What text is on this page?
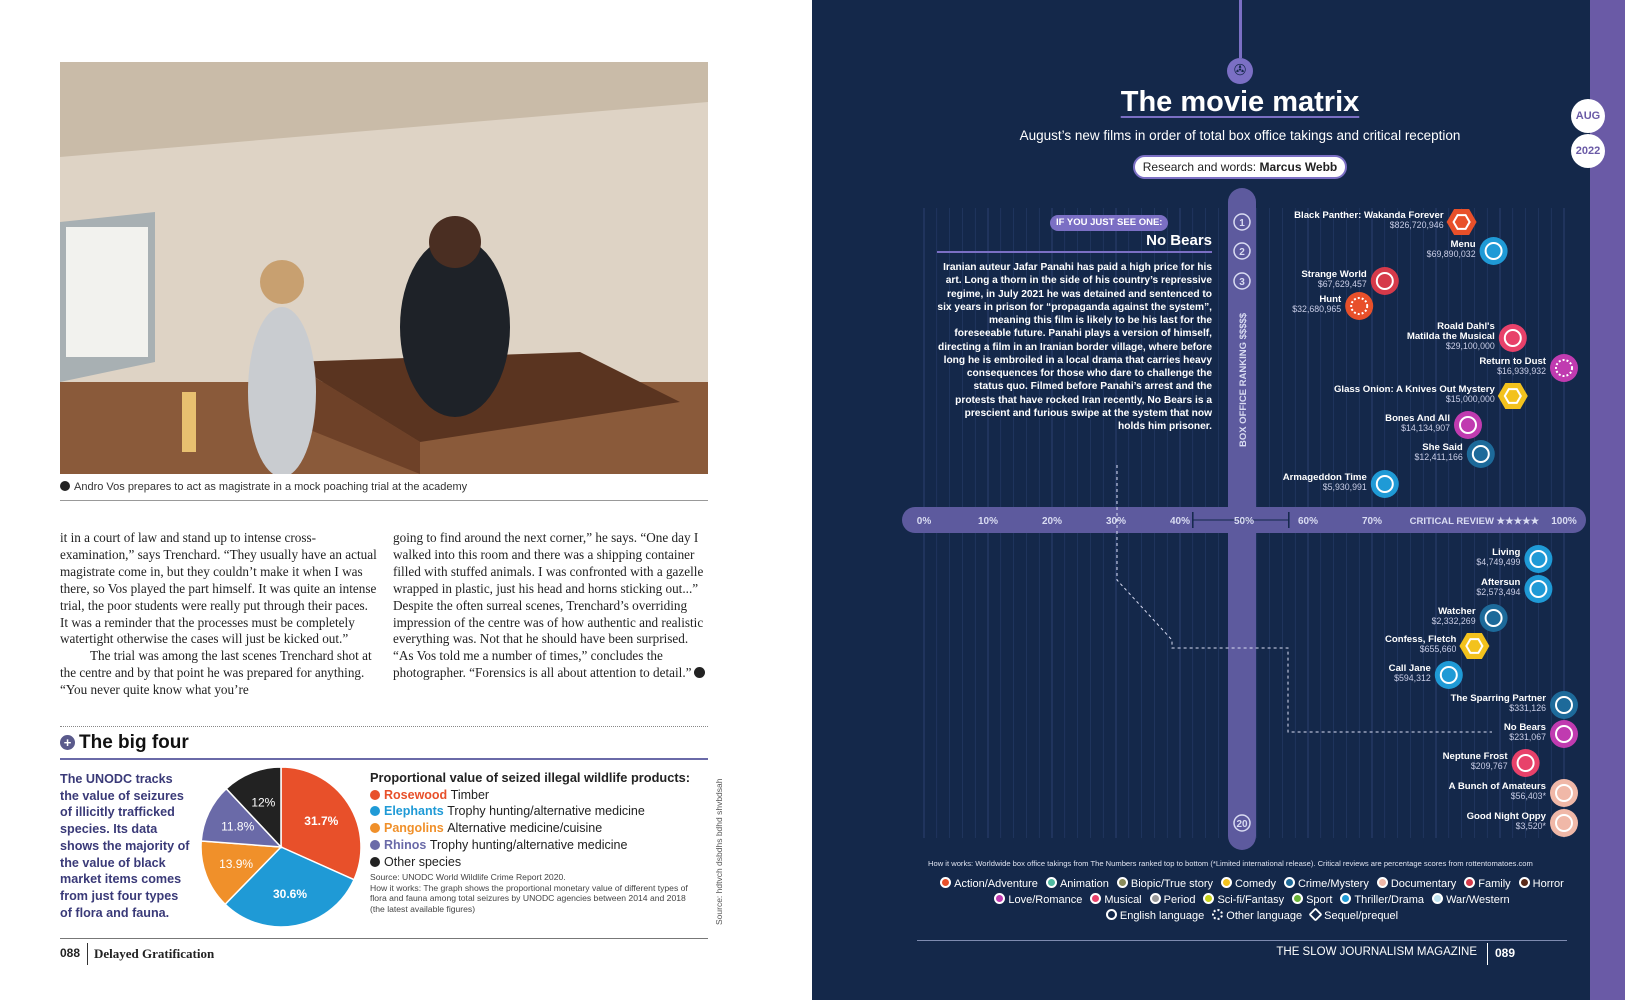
Andro Vos prepares to act as magistrate in a mock poaching trial at the academy

it in a court of law and stand up to intense cross-examination,” says Trenchard. “They usually have an actual magistrate come in, but they couldn’t make it when I was there, so Vos played the part himself. It was quite an intense trial, the poor students were really put through their paces. It was a reminder that the processes must be completely watertight otherwise the cases will just be kicked out.”

The trial was among the last scenes Trenchard shot at the centre and by that point he was prepared for anything. “You never quite know what you’re

going to find around the next corner,” he says. “One day I walked into this room and there was a shipping container filled with stuffed animals. I was confronted with a gazelle wrapped in plastic, just his head and horns sticking out...” Despite the often surreal scenes, Trenchard’s overriding impression of the centre was of how authentic and realistic everything was. Not that he should have been surprised. “As Vos told me a number of times,” concludes the photographer. “Forensics is all about attention to detail.”

+ The big four
The UNODC tracks the value of seizures of illicitly trafficked species. Its data shows the majority of the value of black market items comes from just four types of flora and fauna.
31.7%
30.6%
13.9%
11.8%
12%
Proportional value of seized illegal wildlife products:
Rosewood Timber
Elephants Trophy hunting/alternative medicine
Pangolins Alternative medicine/cuisine
Rhinos Trophy hunting/alternative medicine
Other species
Source: UNODC World Wildlife Crime Report 2020.
How it works: The graph shows the proportional monetary value of different types of flora and fauna among total seizures by UNODC agencies between 2014 and 2018 (the latest available figures)	Source: hdtvch dsbdhs bdhd shvbdsah
088 Delayed Gratification
✇
The movie matrix
August’s new films in order of total box office takings and critical reception
Research and words: Marcus Webb
AUG
2022
0%	10%	20%	30%	40%	50%	60%	70%	100%
CRITICAL REVIEW ★★★★★
BOX OFFICE RANKING $$$$$
1
2
3
20
Black Panther: Wakanda Forever
$826,720,946
Menu
$69,890,032
Strange World
$67,629,457
Hunt
$32,680,965
Roald Dahl's
Matilda the Musical
$29,100,000
Return to Dust
$16,939,932
Glass Onion: A Knives Out Mystery
$15,000,000
Bones And All
$14,134,907
She Said
$12,411,166
Armageddon Time
$5,930,991
Living
$4,749,499
Aftersun
$2,573,494
Watcher
$2,332,269
Confess, Fletch
$655,660
Call Jane
$594,312
The Sparring Partner
$331,126
No Bears
$231,067
Neptune Frost
$209,767
A Bunch of Amateurs
$56,403*
Good Night Oppy
$3,520*
IF YOU JUST SEE ONE:
No Bears
Iranian auteur Jafar Panahi has paid a high price for his art. Long a thorn in the side of his country’s repressive regime, in July 2021 he was detained and sentenced to six years in prison for “propaganda against the system”, meaning this film is likely to be his last for the foreseeable future. Panahi plays a version of himself, directing a film in an Iranian border village, where before long he is embroiled in a local drama that carries heavy consequences for those who dare to challenge the status quo. Filmed before Panahi’s arrest and the protests that have rocked Iran recently, No Bears is a prescient and furious swipe at the system that now holds him prisoner.
How it works: Worldwide box office takings from The Numbers ranked top to bottom (*Limited international release). Critical reviews are percentage scores from rottentomatoes.com
Action/Adventure Animation Biopic/True story Comedy Crime/Mystery Documentary Family Horror
Love/Romance Musical Period Sci-fi/Fantasy Sport Thriller/Drama War/Western
English language Other language Sequel/prequel
THE SLOW JOURNALISM MAGAZINE 089
